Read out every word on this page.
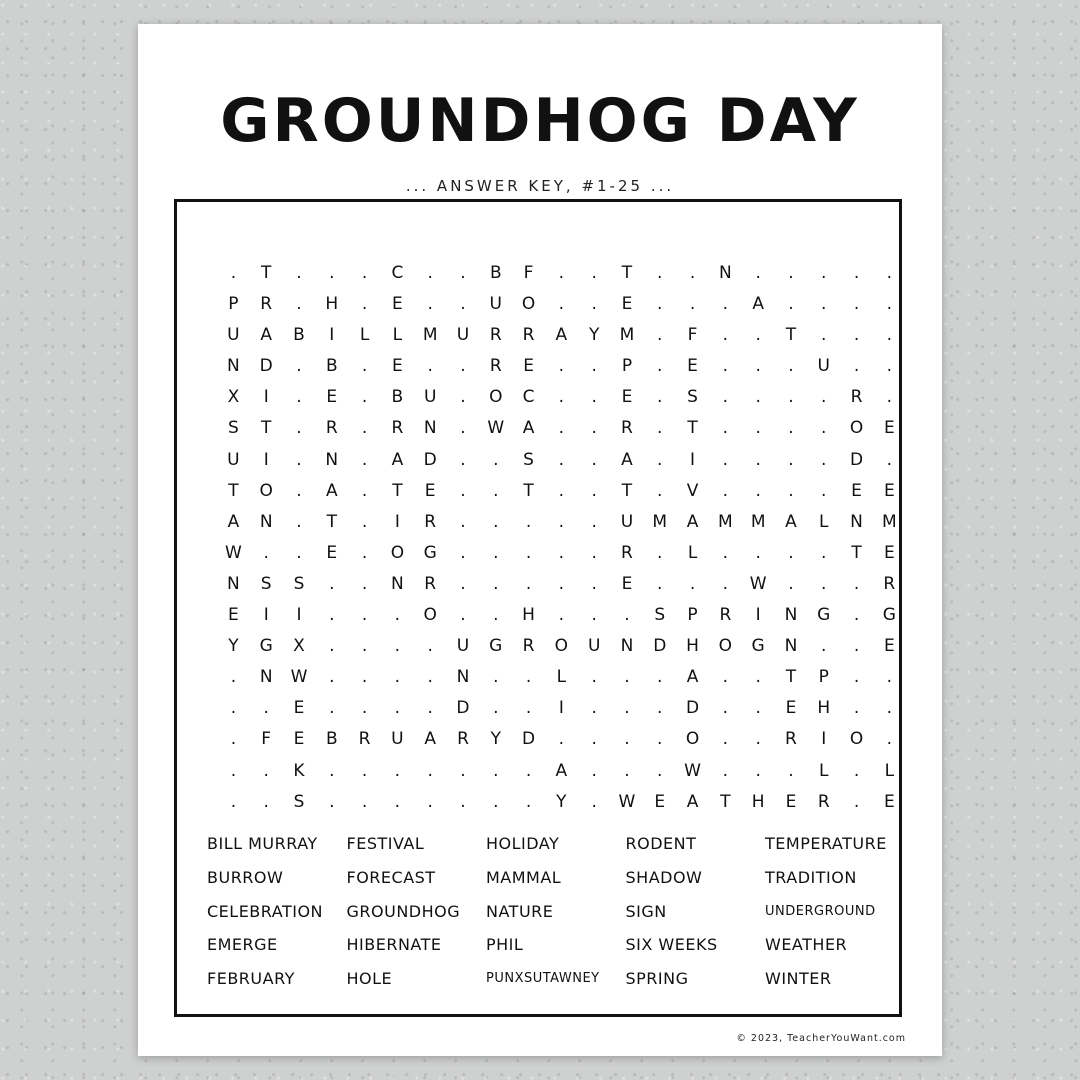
GROUNDHOG DAY
... ANSWER KEY, #1-25 ...
.	T	.	.	.	C	.	.	B	F	.	.	T	.	.	N	.	.	.	.	.
P	R	.	H	.	E	.	.	U	O	.	.	E	.	.	.	A	.	.	.	.
U	A	B	I	L	L	M	U	R	R	A	Y	M	.	F	.	.	T	.	.	.
N	D	.	B	.	E	.	.	R	E	.	.	P	.	E	.	.	.	U	.	.
X	I	.	E	.	B	U	.	O	C	.	.	E	.	S	.	.	.	.	R	.
S	T	.	R	.	R	N	.	W	A	.	.	R	.	T	.	.	.	.	O	E
U	I	.	N	.	A	D	.	.	S	.	.	A	.	I	.	.	.	.	D	.
T	O	.	A	.	T	E	.	.	T	.	.	T	.	V	.	.	.	.	E	E
A	N	.	T	.	I	R	.	.	.	.	.	U	M	A	M	M	A	L	N	M
W	.	.	E	.	O	G	.	.	.	.	.	R	.	L	.	.	.	.	T	E
N	S	S	.	.	N	R	.	.	.	.	.	E	.	.	.	W	.	.	.	R
E	I	I	.	.	.	O	.	.	H	.	.	.	S	P	R	I	N	G	.	G
Y	G	X	.	.	.	.	U	G	R	O	U	N	D	H	O	G	N	.	.	E
.	N	W	.	.	.	.	N	.	.	L	.	.	.	A	.	.	T	P	.	.
.	.	E	.	.	.	.	D	.	.	I	.	.	.	D	.	.	E	H	.	.
.	F	E	B	R	U	A	R	Y	D	.	.	.	.	O	.	.	R	I	O	.
.	.	K	.	.	.	.	.	.	.	A	.	.	.	W	.	.	.	L	.	L
.	.	S	.	.	.	.	.	.	.	Y	.	W	E	A	T	H	E	R	.	E
BILL MURRAY	FESTIVAL	HOLIDAY	RODENT	TEMPERATURE
BURROW	FORECAST	MAMMAL	SHADOW	TRADITION
CELEBRATION	GROUNDHOG	NATURE	SIGN	UNDERGROUND
EMERGE	HIBERNATE	PHIL	SIX WEEKS	WEATHER
FEBRUARY	HOLE	PUNXSUTAWNEY	SPRING	WINTER
© 2023, TeacherYouWant.com
